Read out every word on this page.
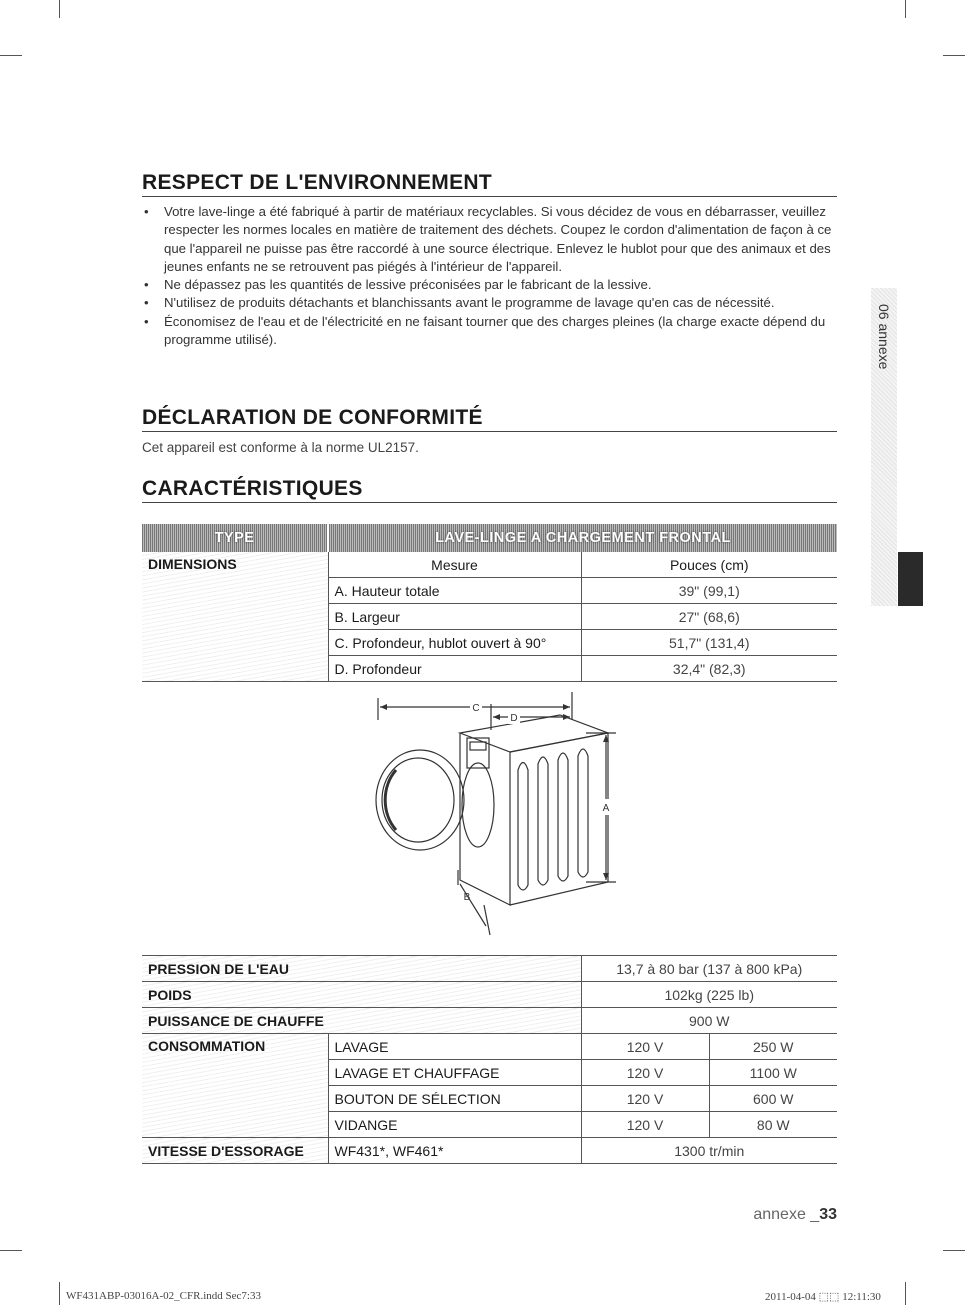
06 annexe
RESPECT DE L'ENVIRONNEMENT
• Votre lave-linge a été fabriqué à partir de matériaux recyclables. Si vous décidez de vous en débarrasser, veuillez respecter les normes locales en matière de traitement des déchets. Coupez le cordon d'alimentation de façon à ce que l'appareil ne puisse pas être raccordé à une source électrique. Enlevez le hublot pour que des animaux et des jeunes enfants ne se retrouvent pas piégés à l'intérieur de l'appareil.
• Ne dépassez pas les quantités de lessive préconisées par le fabricant de la lessive.
• N'utilisez de produits détachants et blanchissants avant le programme de lavage qu'en cas de nécessité.
• Économisez de l'eau et de l'électricité en ne faisant tourner que des charges pleines (la charge exacte dépend du programme utilisé).
DÉCLARATION DE CONFORMITÉ
Cet appareil est conforme à la norme UL2157.
CARACTÉRISTIQUES
TYPE	LAVE-LINGE A CHARGEMENT FRONTAL	
DIMENSIONS	Mesure	Pouces (cm)
	A. Hauteur totale	39" (99,1)
	B. Largeur	27" (68,6)
	C. Profondeur, hublot ouvert à 90°	51,7" (131,4)
	D. Profondeur	32,4" (82,3)
C
D
A
B
PRESSION DE L'EAU		13,7 à 80 bar (137 à 800 kPa)	
POIDS		102kg (225 lb)	
PUISSANCE DE CHAUFFE		900 W	
CONSOMMATION	LAVAGE	120 V	250 W
	LAVAGE ET CHAUFFAGE	120 V	1100 W
	BOUTON DE SÉLECTION	120 V	600 W
	VIDANGE	120 V	80 W
VITESSE D'ESSORAGE	WF431*, WF461*	1300 tr/min	
annexe _33
WF431ABP-03016A-02_CFR.indd Sec7:33	2011-04-04 ⬚⬚ 12:11:30
